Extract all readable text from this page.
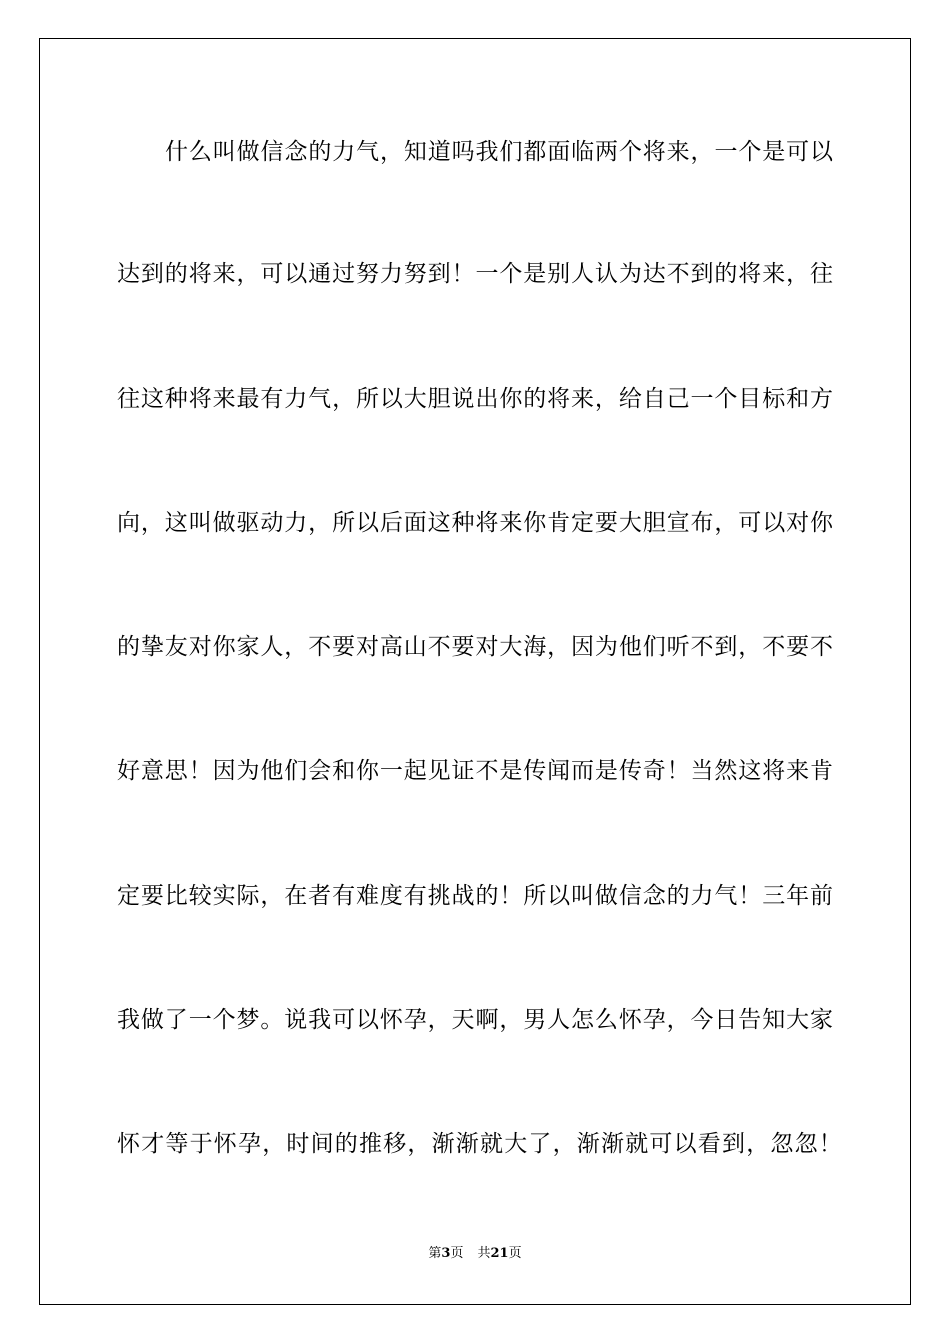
什么叫做信念的力气，知道吗我们都面临两个将来，一个是可以
达到的将来，可以通过努力努到！一个是别人认为达不到的将来，往
往这种将来最有力气，所以大胆说出你的将来，给自己一个目标和方
向，这叫做驱动力，所以后面这种将来你肯定要大胆宣布，可以对你
的挚友对你家人，不要对高山不要对大海，因为他们听不到，不要不
好意思！因为他们会和你一起见证不是传闻而是传奇！当然这将来肯
定要比较实际，在者有难度有挑战的！所以叫做信念的力气！三年前
我做了一个梦。说我可以怀孕，天啊，男人怎么怀孕，今日告知大家
怀才等于怀孕，时间的推移，渐渐就大了，渐渐就可以看到，忽忽！
第3页 共21页
